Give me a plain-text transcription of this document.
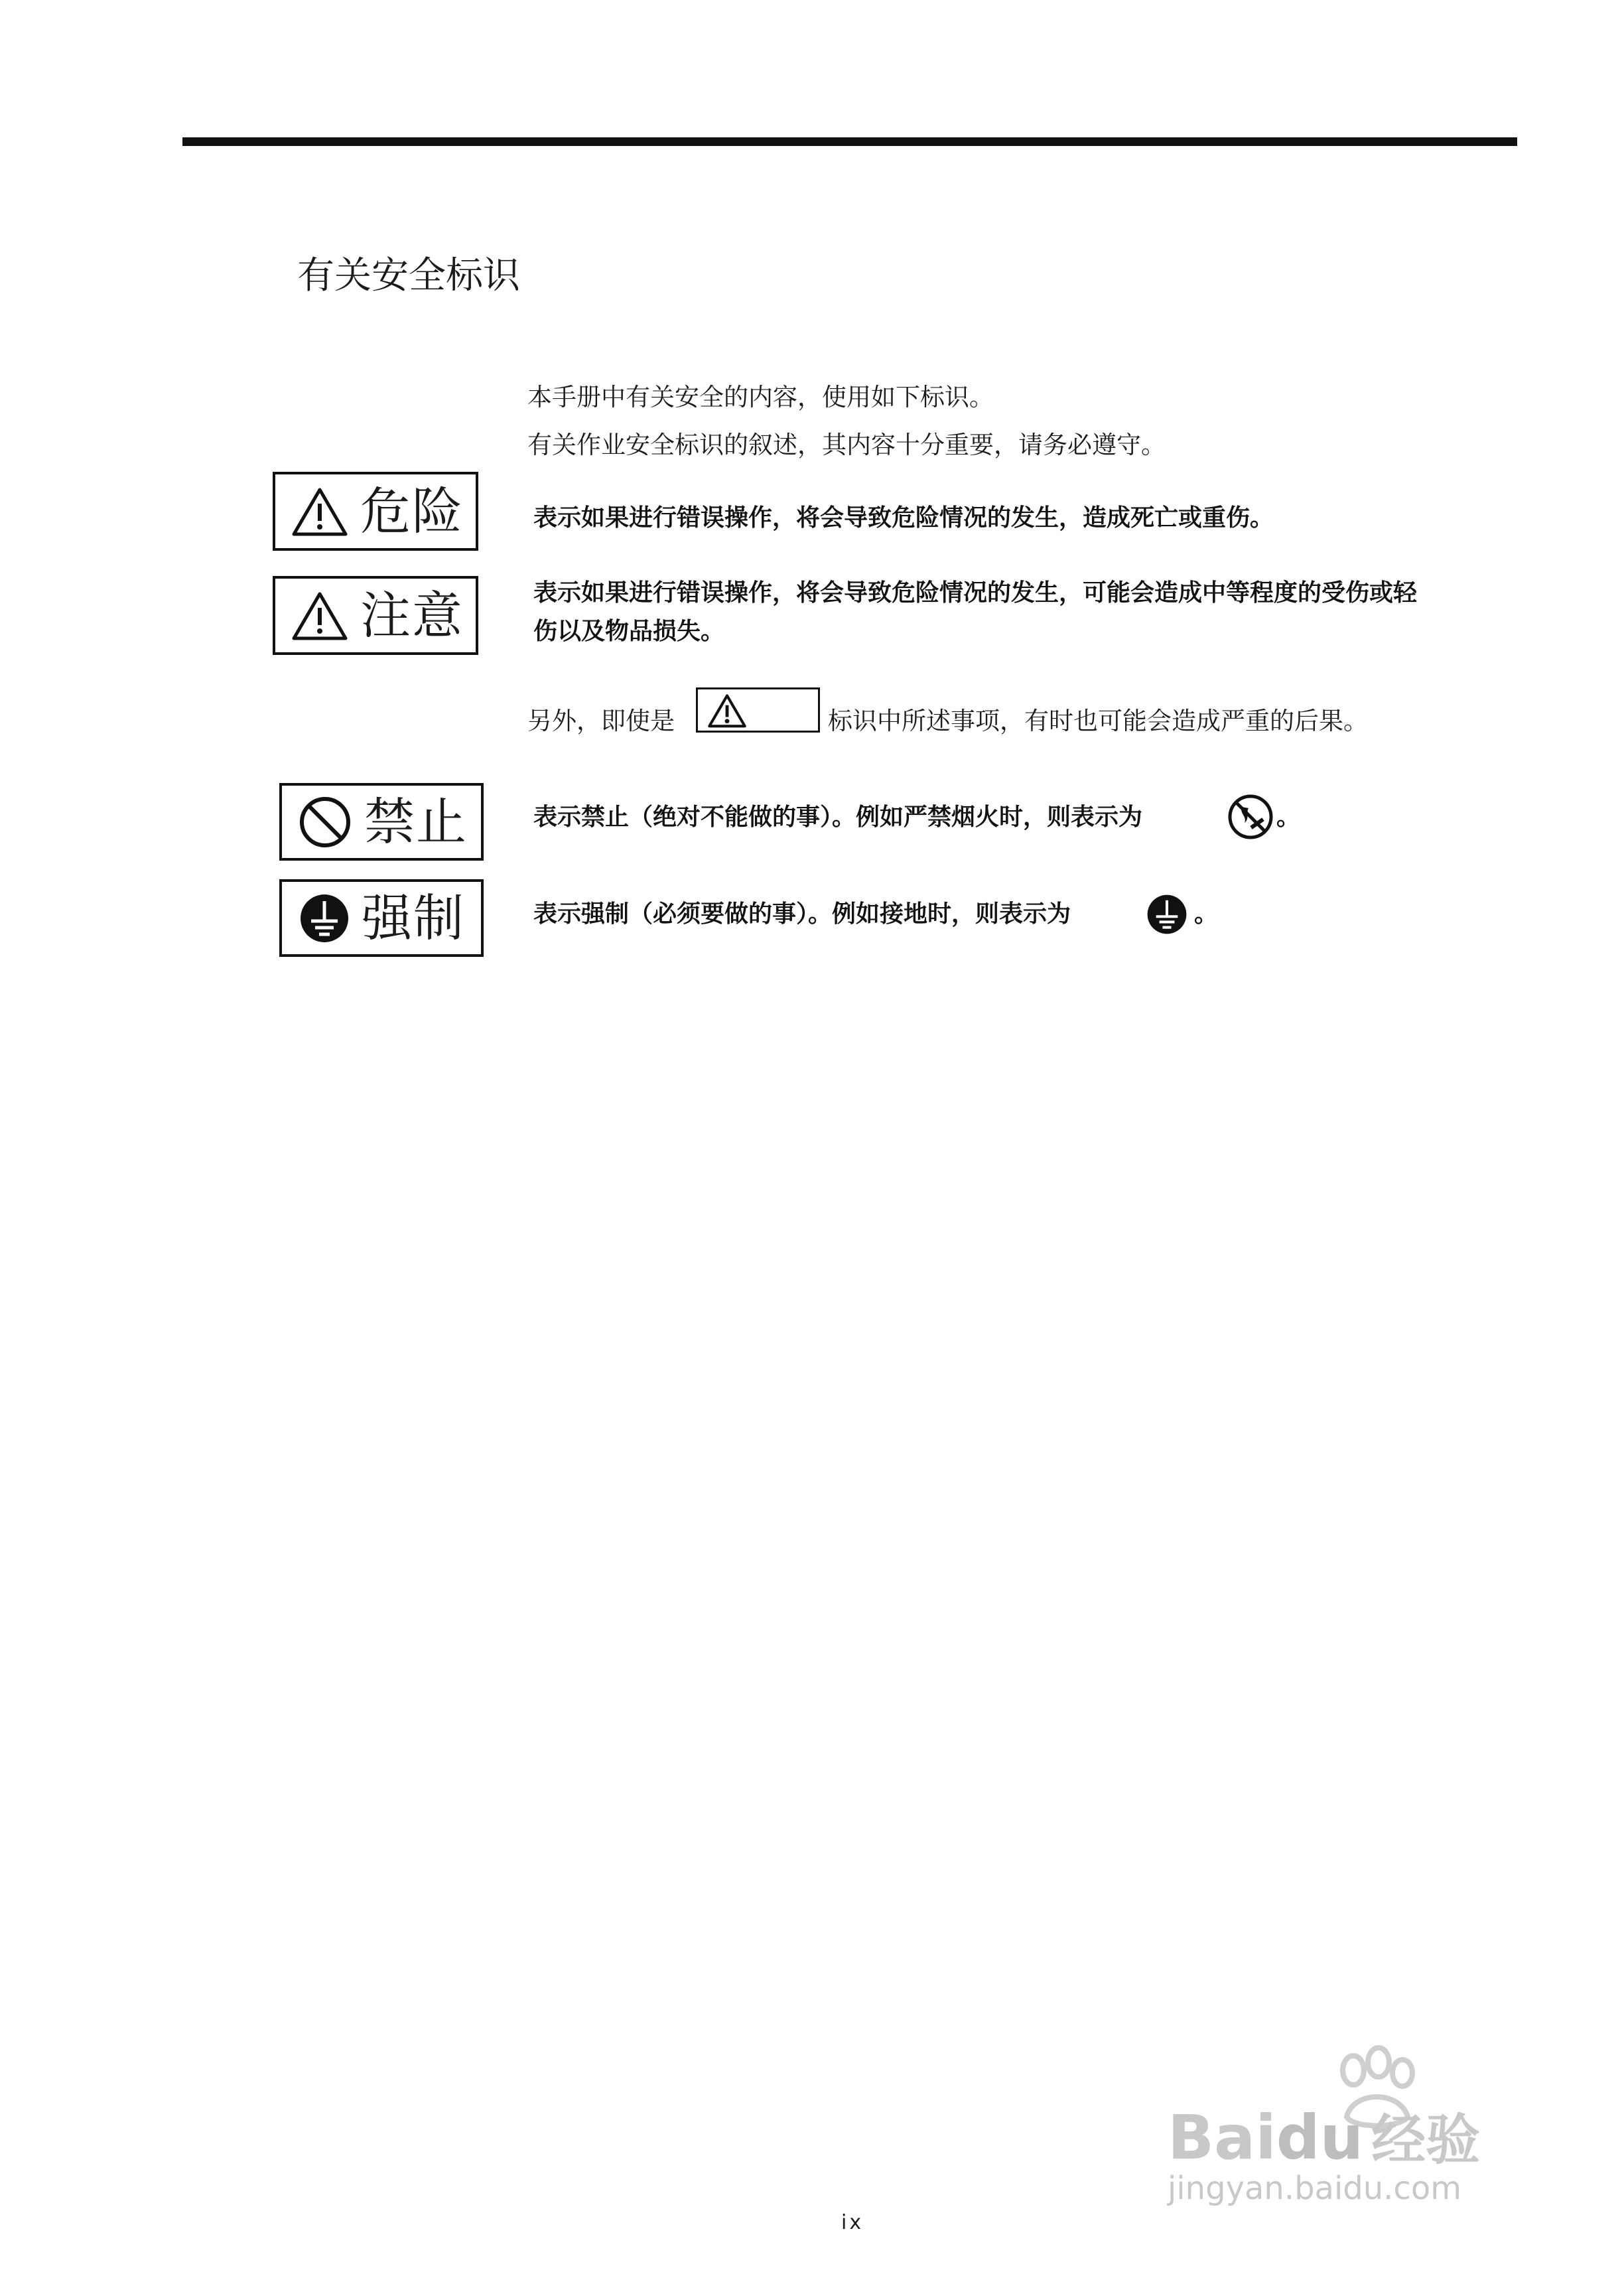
有关安全标识
本手册中有关安全的内容，使用如下标识。
有关作业安全标识的叙述，其内容十分重要，请务必遵守。
危险	表示如果进行错误操作，将会导致危险情况的发生，造成死亡或重伤。
注意	表示如果进行错误操作，将会导致危险情况的发生，可能会造成中等程度的受伤或轻
伤以及物品损失。
另外，即使是	标识中所述事项，有时也可能会造成严重的后果。
禁止	表示禁止（绝对不能做的事）。例如严禁烟火时，则表示为	。
强制	表示强制（必须要做的事）。例如接地时，则表示为	。
ix
Baidu 经验
jingyan.baidu.com
